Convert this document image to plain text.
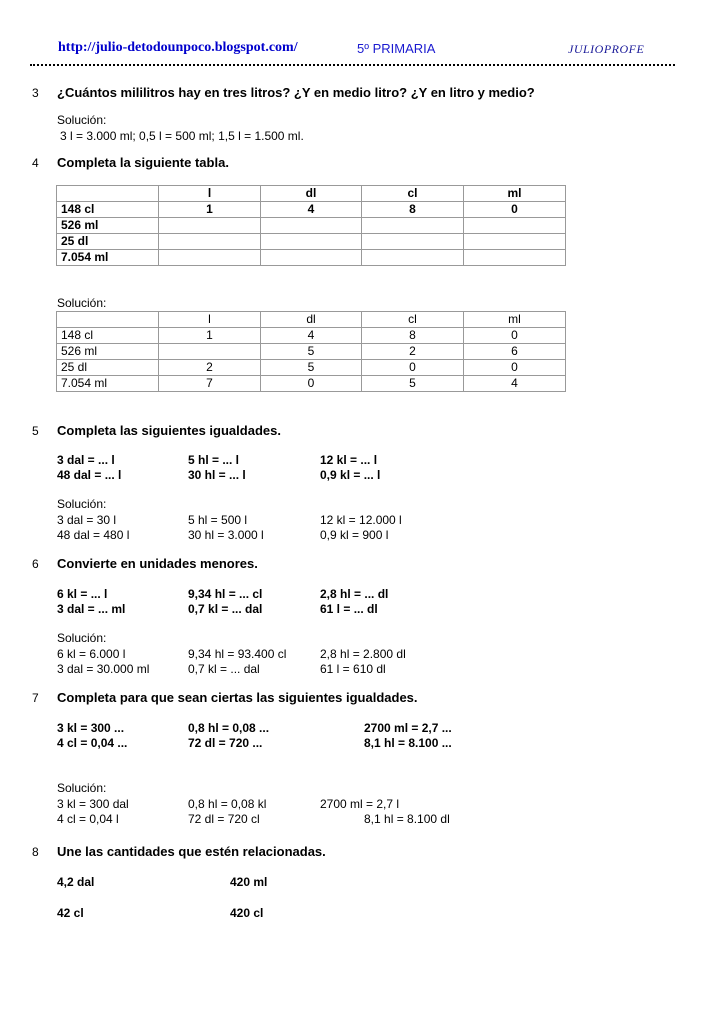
http://julio-detodounpoco.blogspot.com/	5º PRIMARIA	JULIOPROFE
3 ¿Cuántos mililitros hay en tres litros? ¿Y en medio litro? ¿Y en litro y medio?
Solución:
3 l = 3.000 ml; 0,5 l = 500 ml; 1,5 l = 1.500 ml.
4 Completa la siguiente tabla.
	l	dl	cl	ml
148 cl	1	4	8	0
526 ml				
25 dl				
7.054 ml				
Solución:
	l	dl	cl	ml
148 cl	1	4	8	0
526 ml		5	2	6
25 dl	2	5	0	0
7.054 ml	7	0	5	4
5 Completa las siguientes igualdades.
3 dal = ... l	5 hl = ... l	12 kl = ... l
48 dal = ... l	30 hl = ... l	0,9 kl = ... l
Solución:
3 dal = 30 l	5 hl = 500 l	12 kl = 12.000 l
48 dal = 480 l	30 hl = 3.000 l	0,9 kl = 900 l
6 Convierte en unidades menores.
6 kl = ... l	9,34 hl = ... cl	2,8 hl = ... dl
3 dal = ... ml	0,7 kl = ... dal	61 l = ... dl
Solución:
6 kl = 6.000 l	9,34 hl = 93.400 cl	2,8 hl = 2.800 dl
3 dal = 30.000 ml	0,7 kl = ... dal	61 l = 610 dl
7 Completa para que sean ciertas las siguientes igualdades.
3 kl = 300 ...	0,8 hl = 0,08 ...	2700 ml = 2,7 ...
4 cl = 0,04 ...	72 dl = 720 ...	8,1 hl = 8.100 ...
Solución:
3 kl = 300 dal	0,8 hl = 0,08 kl	2700 ml = 2,7 l
4 cl = 0,04 l	72 dl = 720 cl	8,1 hl = 8.100 dl
8 Une las cantidades que estén relacionadas.
4,2 dal	420 ml
42 cl	420 cl
